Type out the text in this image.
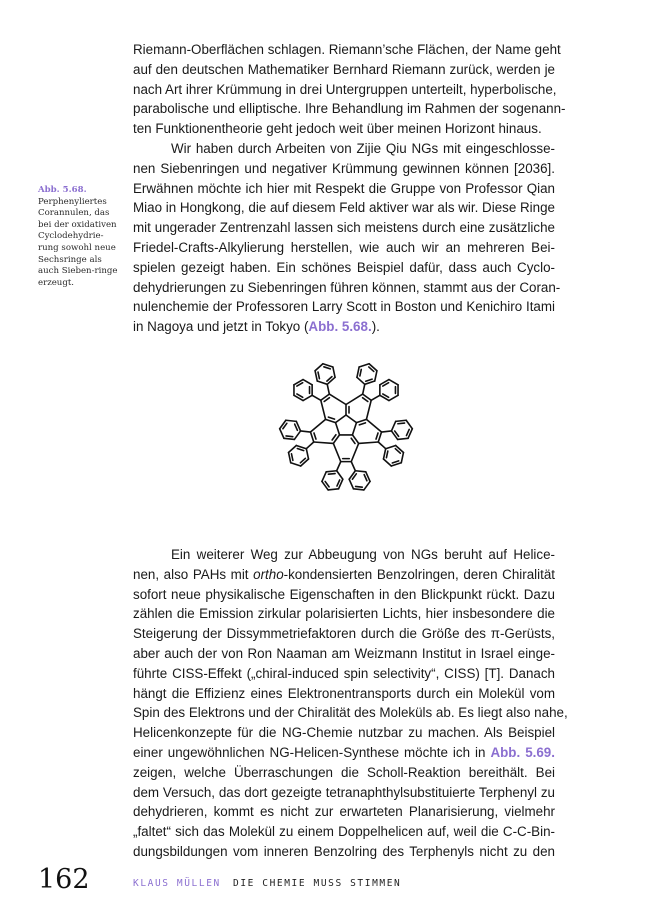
Riemann-Oberflächen schlagen. Riemann’sche Flächen, der Name geht
auf den deutschen Mathematiker Bernhard Riemann zurück, werden je
nach Art ihrer Krümmung in drei Untergruppen unterteilt, hyperbolische,
parabolische und elliptische. Ihre Behandlung im Rahmen der sogenann-
ten Funktionentheorie geht jedoch weit über meinen Horizont hinaus.
Wir haben durch Arbeiten von Zijie Qiu NGs mit eingeschlosse-
nen Siebenringen und negativer Krümmung gewinnen können [2036].
Erwähnen möchte ich hier mit Respekt die Gruppe von Professor Qian
Miao in Hongkong, die auf diesem Feld aktiver war als wir. Diese Ringe
mit ungerader Zentrenzahl lassen sich meistens durch eine zusätzliche
Friedel-Crafts-Alkylierung herstellen, wie auch wir an mehreren Bei-
spielen gezeigt haben. Ein schönes Beispiel dafür, dass auch Cyclo-
dehydrierungen zu Siebenringen führen können, stammt aus der Coran-
nulenchemie der Professoren Larry Scott in Boston und Kenichiro Itami
in Nagoya und jetzt in Tokyo (Abb. 5.68.).
Abb. 5.68.
Perphenyliertes Corannulen, das bei der oxidativen Cyclodehydrie-rung sowohl neue Sechsringe als auch Sieben-ringe erzeugt.
Ein weiterer Weg zur Abbeugung von NGs beruht auf Helice-
nen, also PAHs mit ortho-kondensierten Benzolringen, deren Chiralität
sofort neue physikalische Eigenschaften in den Blickpunkt rückt. Dazu
zählen die Emission zirkular polarisierten Lichts, hier insbesondere die
Steigerung der Dissymmetriefaktoren durch die Größe des π-Gerüsts,
aber auch der von Ron Naaman am Weizmann Institut in Israel einge-
führte CISS-Effekt („chiral-induced spin selectivity“, CISS) [T]. Danach
hängt die Effizienz eines Elektronentransports durch ein Molekül vom
Spin des Elektrons und der Chiralität des Moleküls ab. Es liegt also nahe,
Helicenkonzepte für die NG-Chemie nutzbar zu machen. Als Beispiel
einer ungewöhnlichen NG-Helicen-Synthese möchte ich in Abb. 5.69.
zeigen, welche Überraschungen die Scholl-Reaktion bereithält. Bei
dem Versuch, das dort gezeigte tetranaphthylsubstituierte Terphenyl zu
dehydrieren, kommt es nicht zur erwarteten Planarisierung, vielmehr
„faltet“ sich das Molekül zu einem Doppelhelicen auf, weil die C-C-Bin-
dungsbildungen vom inneren Benzolring des Terphenyls nicht zu den
162	KLAUS MÜLLEN DIE CHEMIE MUSS STIMMEN
